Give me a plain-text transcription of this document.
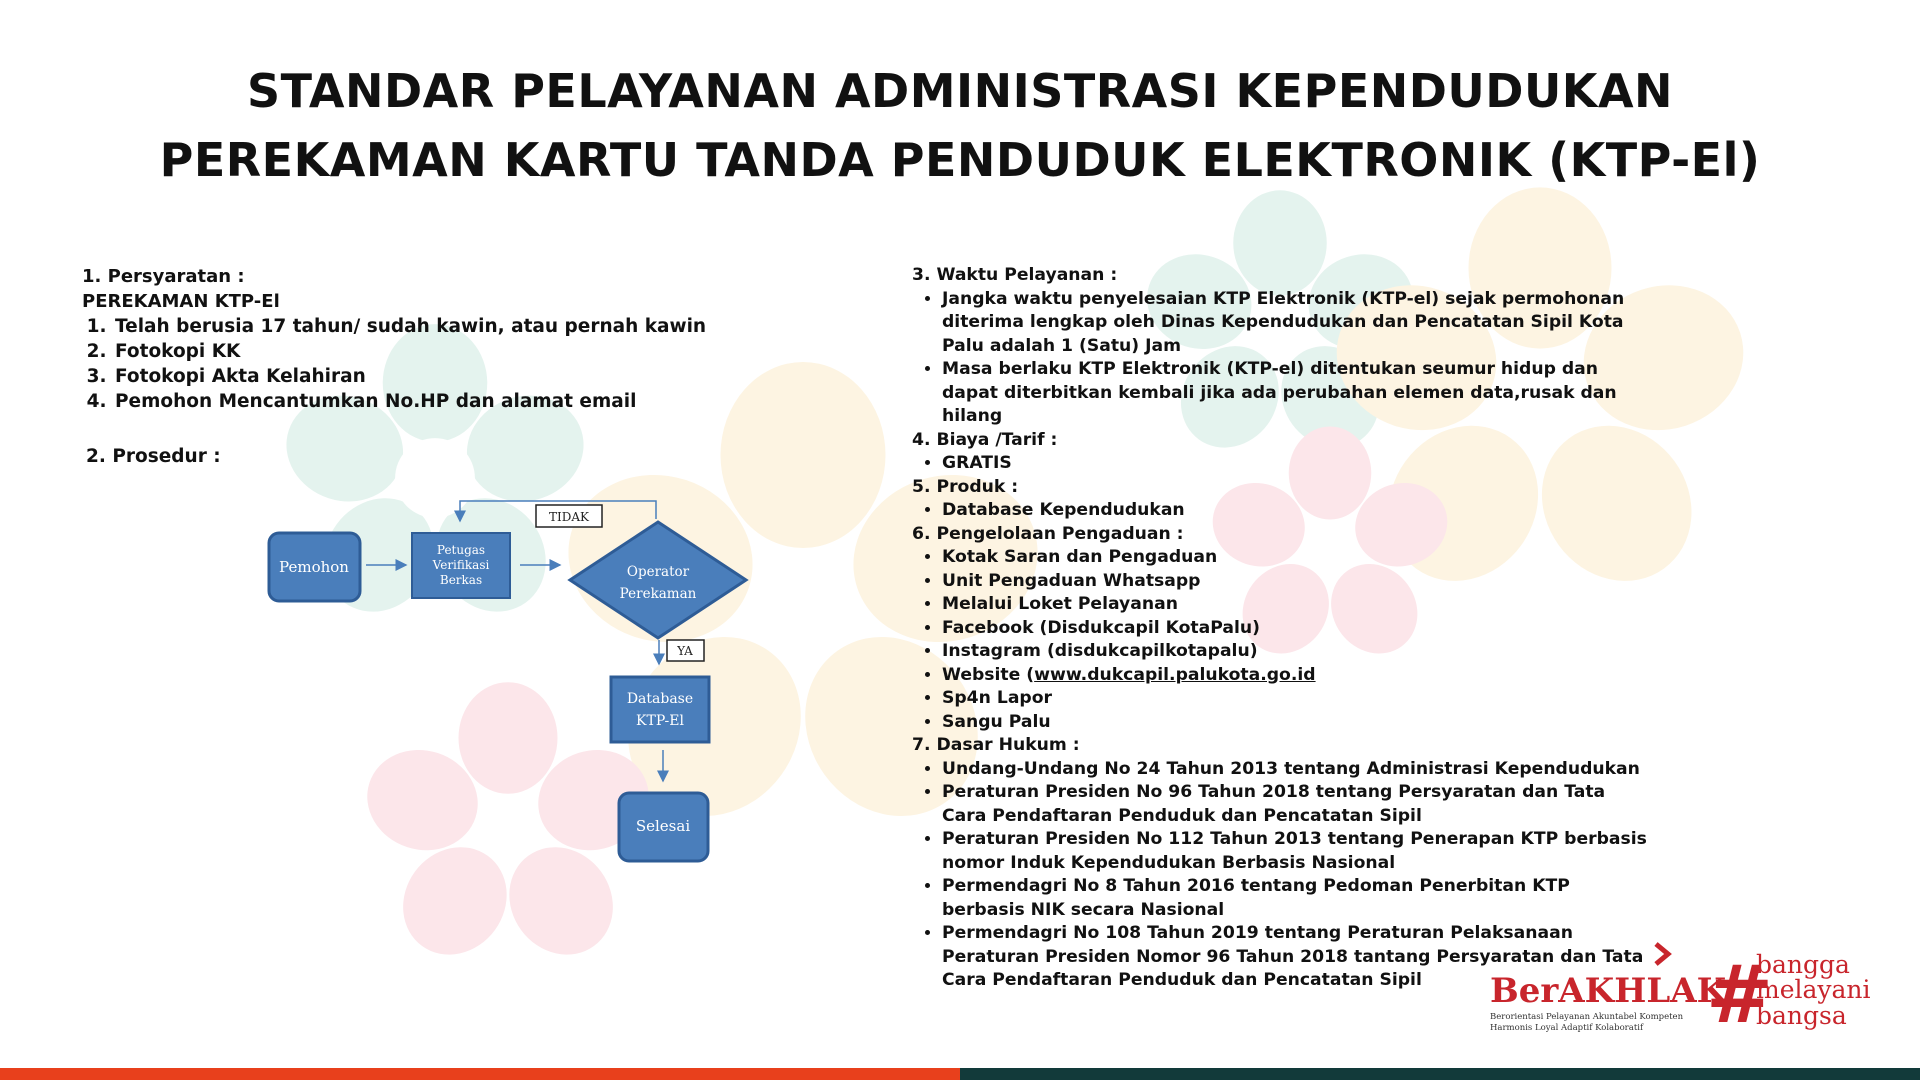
STANDAR PELAYANAN ADMINISTRASI KEPENDUDUKAN
PEREKAMAN KARTU TANDA PENDUDUK ELEKTRONIK (KTP-El)
1. Persyaratan :
PEREKAMAN KTP-El
1. Telah berusia 17 tahun/ sudah kawin, atau pernah kawin
2. Fotokopi KK
3. Fotokopi Akta Kelahiran
4. Pemohon Mencantumkan No.HP dan alamat email
2. Prosedur :
TIDAK
Pemohon
Petugas
Verifikasi
Berkas	Operator
Perekaman
YA
Database
KTP-El
Selesai
3. Waktu Pelayanan :
• Jangka waktu penyelesaian KTP Elektronik (KTP-el) sejak permohonan diterima lengkap oleh Dinas Kependudukan dan Pencatatan Sipil Kota Palu adalah 1 (Satu) Jam
• Masa berlaku KTP Elektronik (KTP-el) ditentukan seumur hidup dan dapat diterbitkan kembali jika ada perubahan elemen data,rusak dan hilang
4. Biaya /Tarif :
• GRATIS
5. Produk :
• Database Kependudukan
6. Pengelolaan Pengaduan :
• Kotak Saran dan Pengaduan
• Unit Pengaduan Whatsapp
• Melalui Loket Pelayanan
• Facebook (Disdukcapil KotaPalu)
• Instagram (disdukcapilkotapalu)
• Website (www.dukcapil.palukota.go.id
• Sp4n Lapor
• Sangu Palu
7. Dasar Hukum :
• Undang-Undang No 24 Tahun 2013 tentang Administrasi Kependudukan
• Peraturan Presiden No 96 Tahun 2018 tentang Persyaratan dan Tata Cara Pendaftaran Penduduk dan Pencatatan Sipil
• Peraturan Presiden No 112 Tahun 2013 tentang Penerapan KTP berbasis nomor Induk Kependudukan Berbasis Nasional
• Permendagri No 8 Tahun 2016 tentang Pedoman Penerbitan KTP berbasis NIK secara Nasional
• Permendagri No 108 Tahun 2019 tentang Peraturan Pelaksanaan Peraturan Presiden Nomor 96 Tahun 2018 tantang Persyaratan dan Tata Cara Pendaftaran Penduduk dan Pencatatan Sipil	BerAKHLAK
Berorientasi Pelayanan Akuntabel Kompeten
Harmonis Loyal Adaptif Kolaboratif #
bangga
melayani
bangsa
